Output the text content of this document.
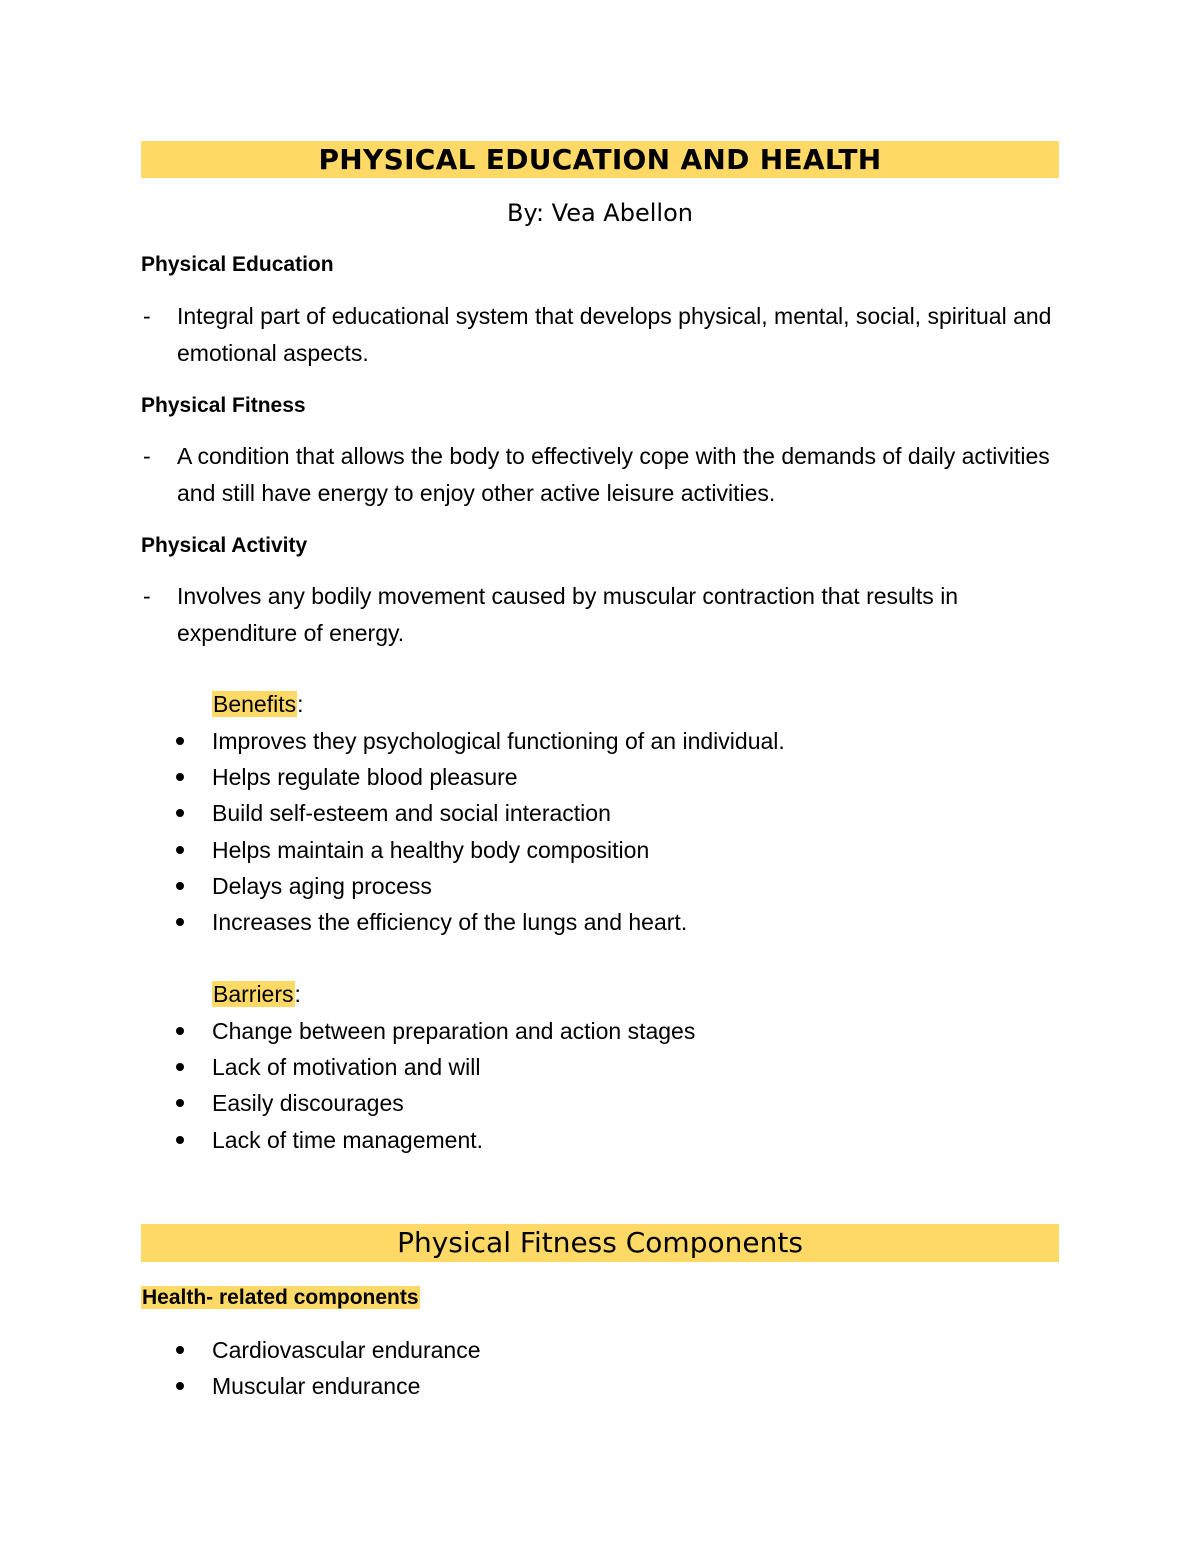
PHYSICAL EDUCATION AND HEALTH
By: Vea Abellon
Physical Education
- Integral part of educational system that develops physical, mental, social, spiritual and emotional aspects.
Physical Fitness
- A condition that allows the body to effectively cope with the demands of daily activities and still have energy to enjoy other active leisure activities.
Physical Activity
- Involves any bodily movement caused by muscular contraction that results in expenditure of energy.
Benefits:
Improves they psychological functioning of an individual.
Helps regulate blood pleasure
Build self-esteem and social interaction
Helps maintain a healthy body composition
Delays aging process
Increases the efficiency of the lungs and heart.
Barriers:
Change between preparation and action stages
Lack of motivation and will
Easily discourages
Lack of time management.
Physical Fitness Components
Health- related components
Cardiovascular endurance
Muscular endurance
